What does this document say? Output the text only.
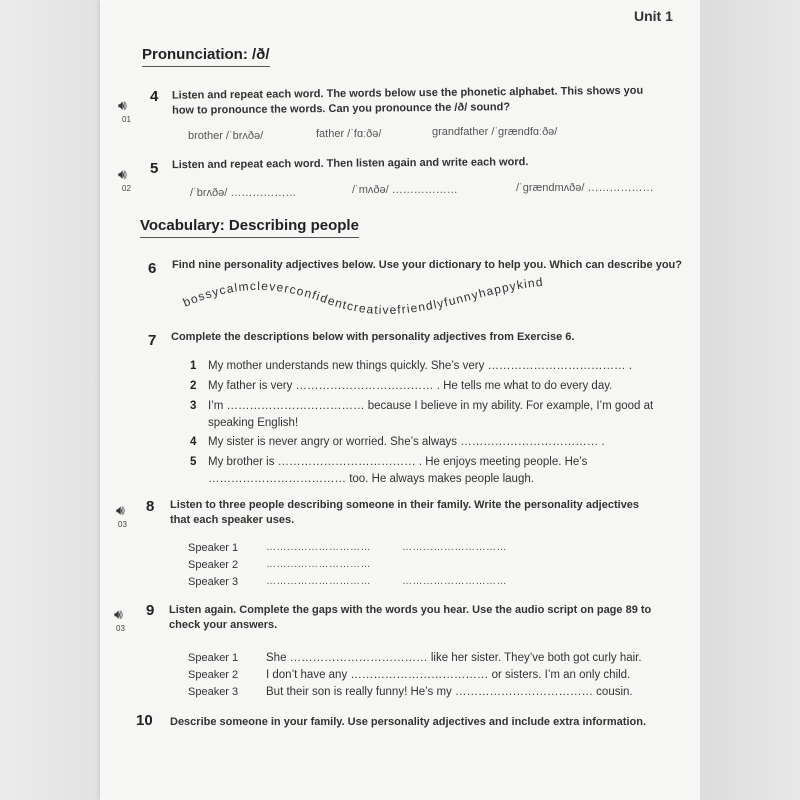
Unit 1
Pronunciation: /ð/
🔊︎
01
4 Listen and repeat each word. The words below use the phonetic alphabet. This shows you
how to pronounce the words. Can you pronounce the /ð/ sound?
brother /ˈbrʌðə/	father /ˈfɑːðə/	grandfather /ˈɡrændfɑːðə/
🔊︎
02
5 Listen and repeat each word. Then listen again and write each word.
/ˈbrʌðə/ ………………	/ˈmʌðə/ ………………	/ˈɡrændmʌðə/ ………………
Vocabulary: Describing people
6 Find nine personality adjectives below. Use your dictionary to help you. Which can describe you?
bossycalmcleverconfidentcreativefriendlyfunnyhappykind
7 Complete the descriptions below with personality adjectives from Exercise 6.
1 My mother understands new things quickly. She’s very ……………………………… .
2 My father is very ……………………………… . He tells me what to do every day.
3 I’m ……………………………… because I believe in my ability. For example, I’m good at
speaking English!
4 My sister is never angry or worried. She’s always ……………………………… .
5 My brother is ……………………………… . He enjoys meeting people. He’s
……………………………… too. He always makes people laugh.
🔊︎
03
8 Listen to three people describing someone in their family. Write the personality adjectives
that each speaker uses.
Speaker 1	…………………………	…………………………
Speaker 2	…………………………
Speaker 3	…………………………	…………………………
🔊︎
03
9 Listen again. Complete the gaps with the words you hear. Use the audio script on page 89 to
check your answers.
Speaker 1 She ……………………………… like her sister. They’ve both got curly hair.
Speaker 2 I don’t have any ……………………………… or sisters. I’m an only child.
Speaker 3 But their son is really funny! He’s my ……………………………… cousin.
10 Describe someone in your family. Use personality adjectives and include extra information.
